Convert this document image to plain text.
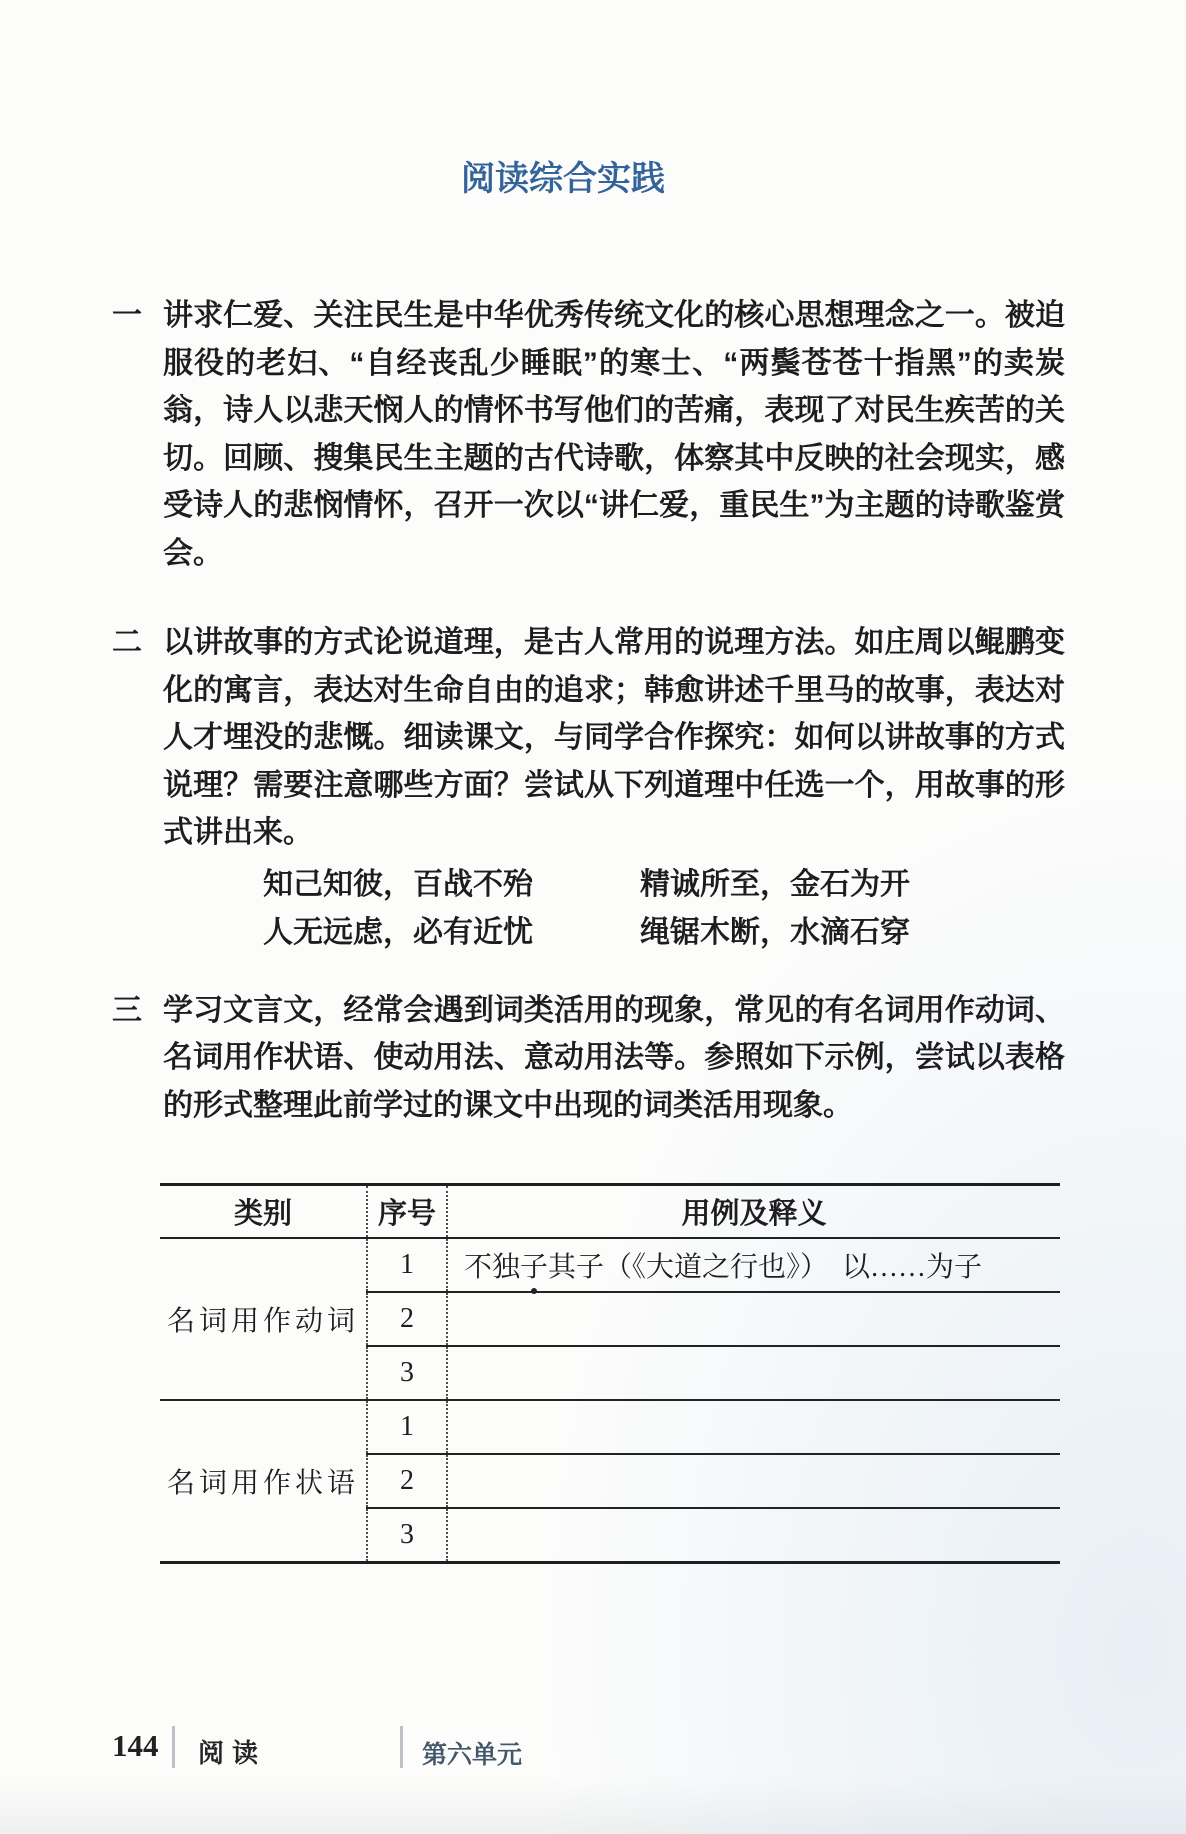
阅读综合实践
一 讲求仁爱、关注民生是中华优秀传统文化的核心思想理念之一。被迫服役的老妇、“自经丧乱少睡眠”的寒士、“两鬓苍苍十指黑”的卖炭翁，诗人以悲天悯人的情怀书写他们的苦痛，表现了对民生疾苦的关切。回顾、搜集民生主题的古代诗歌，体察其中反映的社会现实，感受诗人的悲悯情怀，召开一次以“讲仁爱，重民生”为主题的诗歌鉴赏会。

二 以讲故事的方式论说道理，是古人常用的说理方法。如庄周以鲲鹏变化的寓言，表达对生命自由的追求；韩愈讲述千里马的故事，表达对人才埋没的悲慨。细读课文，与同学合作探究：如何以讲故事的方式说理？需要注意哪些方面？尝试从下列道理中任选一个，用故事的形式讲出来。

知己知彼，百战不殆	精诚所至，金石为开
人无远虑，必有近忧	绳锯木断，水滴石穿
三 学习文言文，经常会遇到词类活用的现象，常见的有名词用作动词、名词用作状语、使动用法、意动用法等。参照如下示例，尝试以表格的形式整理此前学过的课文中出现的词类活用现象。

类别	序号	用例及释义
名词用作动词	1	不独子其子（《大道之行也》）　以……为子
	2	
	3	
名词用作状语	1	
	2	
	3	
144 阅读	第六单元
